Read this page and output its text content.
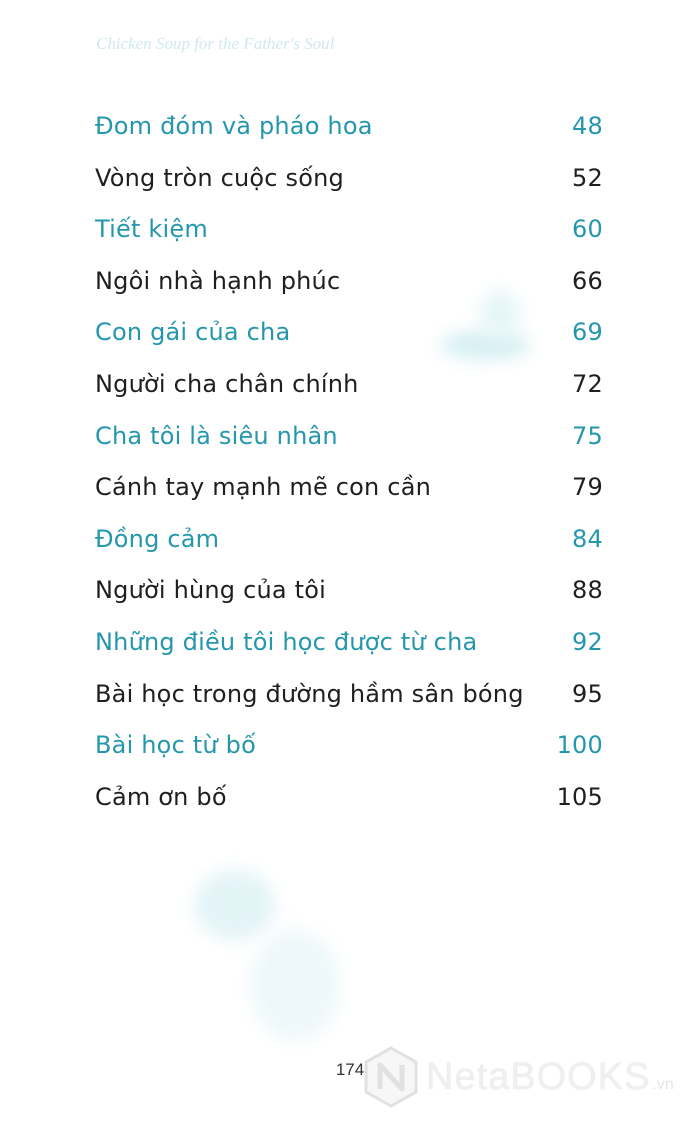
Chicken Soup for the Father's Soul
Đom đóm và pháo hoa	48
Vòng tròn cuộc sống	52
Tiết kiệm	60
Ngôi nhà hạnh phúc	66
Con gái của cha	69
Người cha chân chính	72
Cha tôi là siêu nhân	75
Cánh tay mạnh mẽ con cần	79
Đồng cảm	84
Người hùng của tôi	88
Những điều tôi học được từ cha	92
Bài học trong đường hầm sân bóng 95
Bài học từ bố	100
Cảm ơn bố	105
174	NetaBOOKS .vn
